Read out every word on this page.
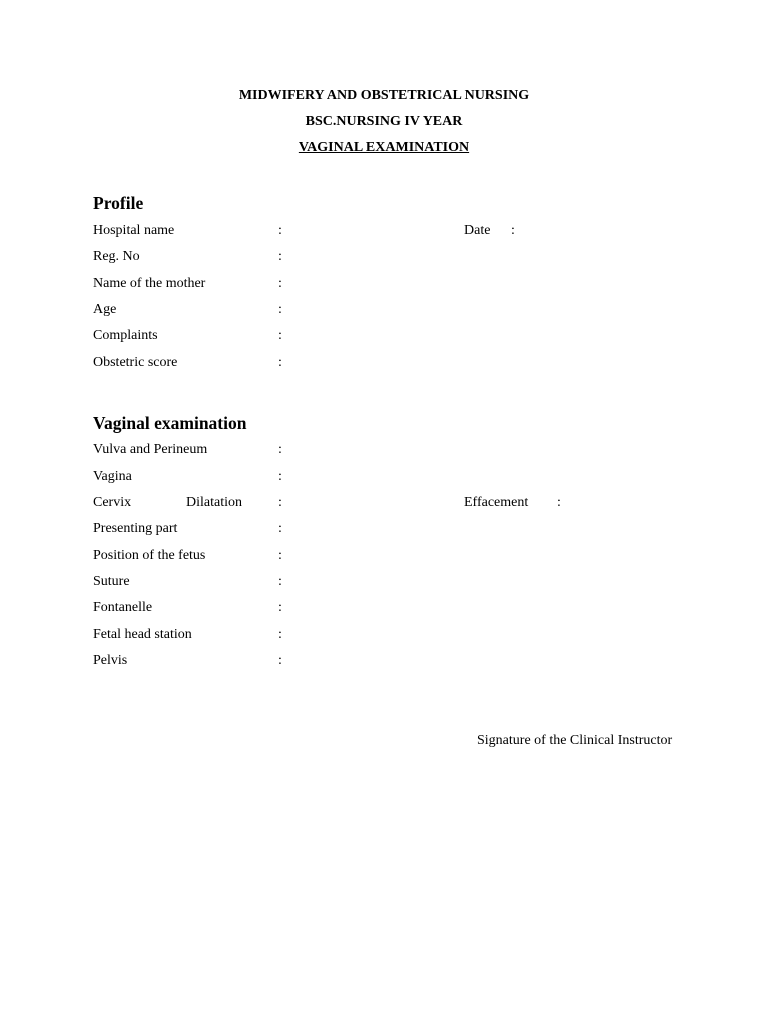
MIDWIFERY AND OBSTETRICAL NURSING
BSC.NURSING IV YEAR
VAGINAL EXAMINATION
Profile
Hospital name	:	Date :
Reg. No	:
Name of the mother	:
Age	:
Complaints	:
Obstetric score	:
Vaginal examination
Vulva and Perineum	:
Vagina	:
Cervix	Dilatation	:	Effacement :
Presenting part	:
Position of the fetus	:
Suture	:
Fontanelle	:
Fetal head station	:
Pelvis	:
Signature of the Clinical Instructor
